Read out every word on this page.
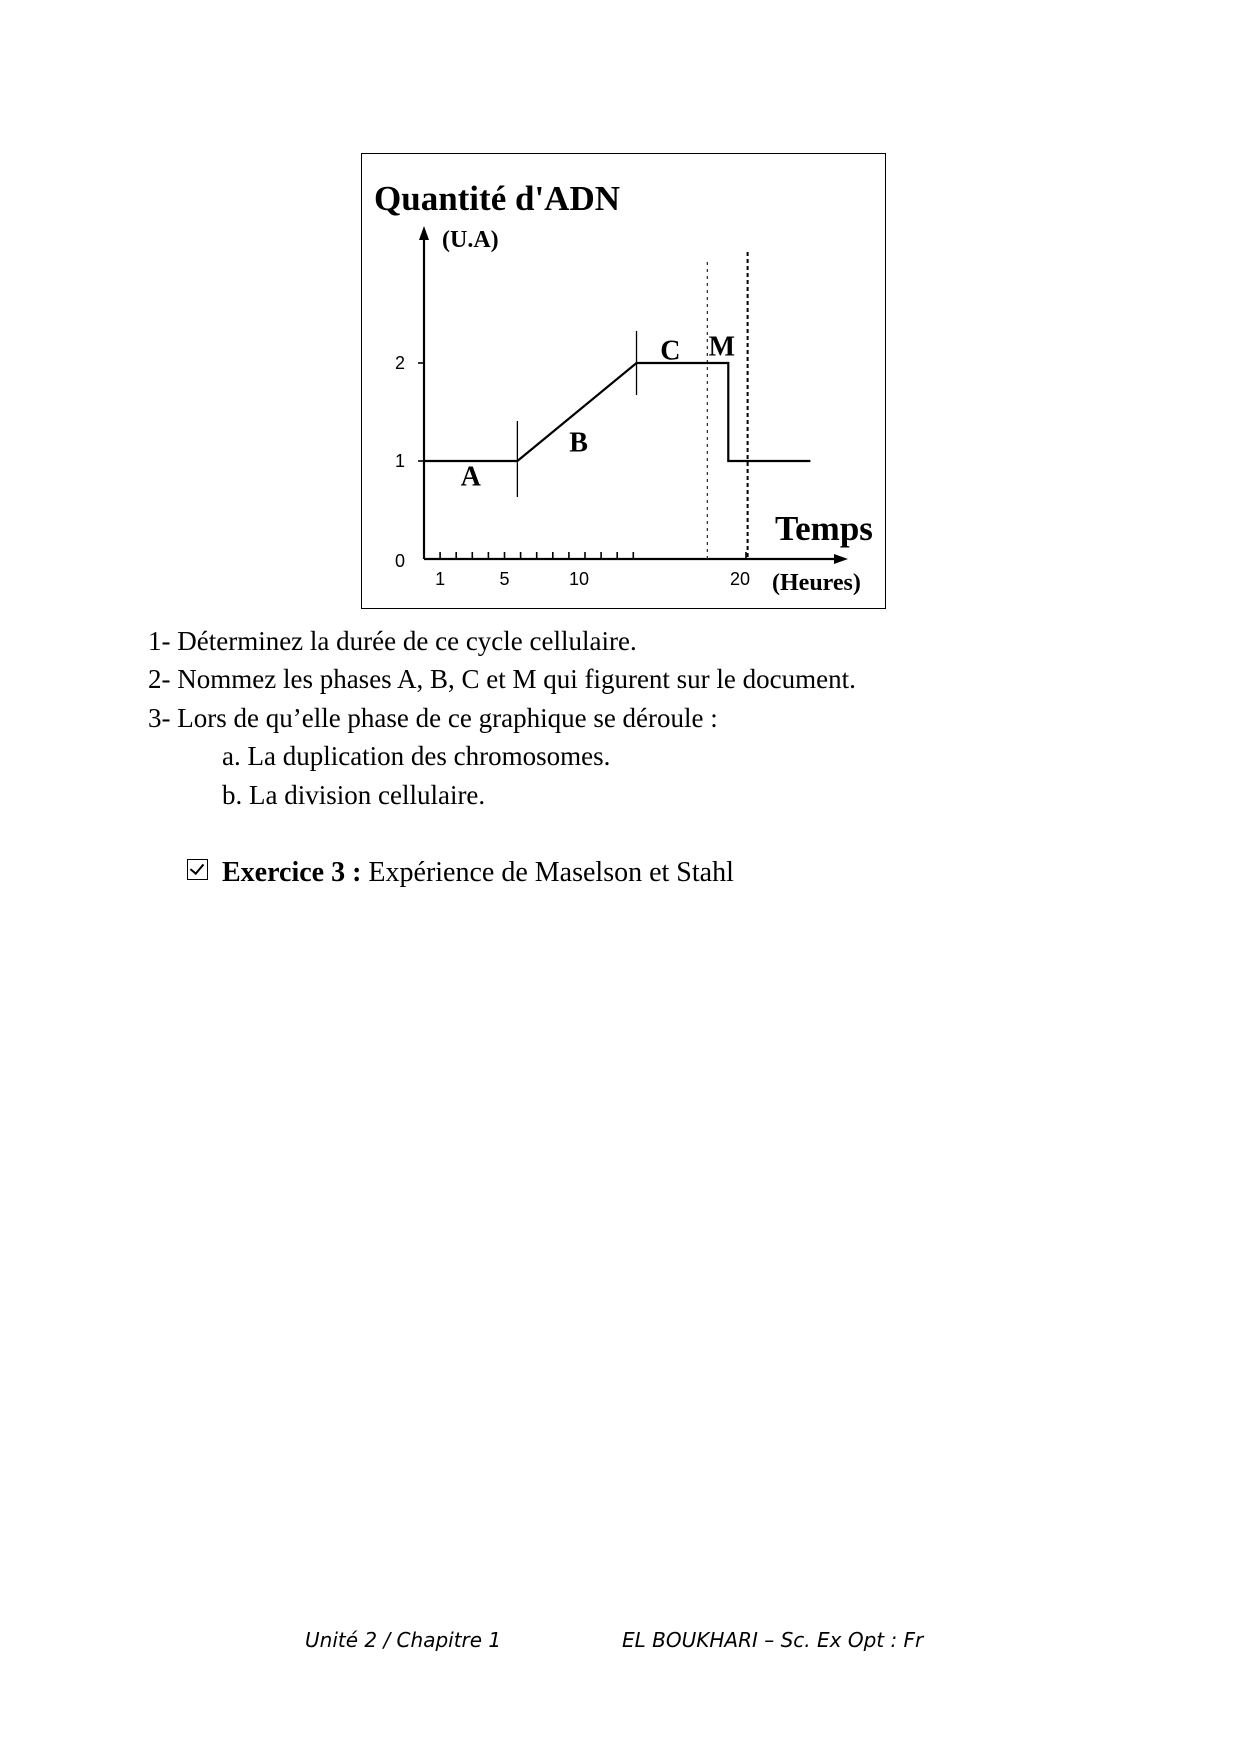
Quantité d'ADN
(U.A)
1	5	10	20
0
1
2
A
B
C M
Temps
(Heures)
1- Déterminez la durée de ce cycle cellulaire.
2- Nommez les phases A, B, C et M qui figurent sur le document.
3- Lors de qu’elle phase de ce graphique se déroule :
a. La duplication des chromosomes.
b. La division cellulaire.
Exercice 3 : Expérience de Maselson et Stahl
Unité 2 / Chapitre 1	EL BOUKHARI – Sc. Ex Opt : Fr
